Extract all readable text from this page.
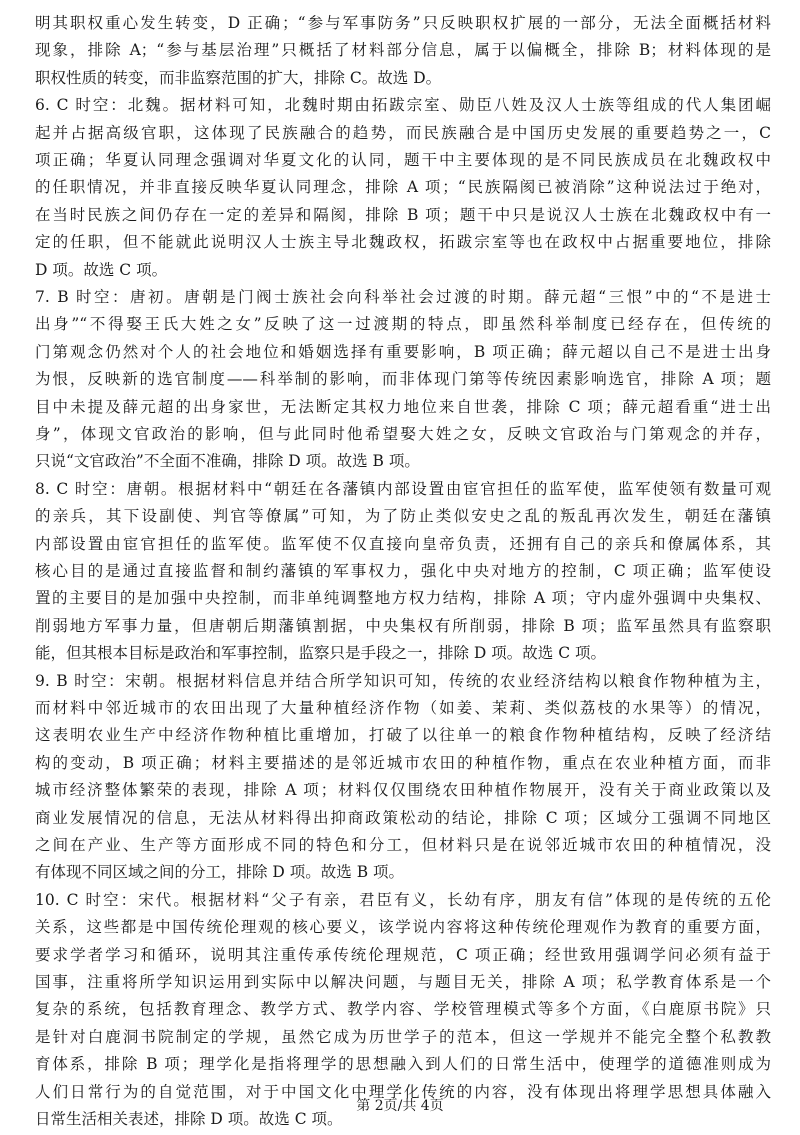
明其职权重心发生转变，D 正确；“参与军事防务”只反映职权扩展的一部分，无法全面概括材料
现象，排除 A；“参与基层治理”只概括了材料部分信息，属于以偏概全，排除 B；材料体现的是
职权性质的转变，而非监察范围的扩大，排除 C。故选 D。
6. C 时空：北魏。据材料可知，北魏时期由拓跋宗室、勋臣八姓及汉人士族等组成的代人集团崛
起并占据高级官职，这体现了民族融合的趋势，而民族融合是中国历史发展的重要趋势之一，C
项正确；华夏认同理念强调对华夏文化的认同，题干中主要体现的是不同民族成员在北魏政权中
的任职情况，并非直接反映华夏认同理念，排除 A 项；“民族隔阂已被消除”这种说法过于绝对，
在当时民族之间仍存在一定的差异和隔阂，排除 B 项；题干中只是说汉人士族在北魏政权中有一
定的任职，但不能就此说明汉人士族主导北魏政权，拓跋宗室等也在政权中占据重要地位，排除
D 项。故选 C 项。
7. B 时空：唐初。唐朝是门阀士族社会向科举社会过渡的时期。薛元超“三恨”中的“不是进士
出身”“不得娶王氏大姓之女”反映了这一过渡期的特点，即虽然科举制度已经存在，但传统的
门第观念仍然对个人的社会地位和婚姻选择有重要影响，B 项正确；薛元超以自己不是进士出身
为恨，反映新的选官制度——科举制的影响，而非体现门第等传统因素影响选官，排除 A 项；题
目中未提及薛元超的出身家世，无法断定其权力地位来自世袭，排除 C 项；薛元超看重“进士出
身”，体现文官政治的影响，但与此同时他希望娶大姓之女，反映文官政治与门第观念的并存，
只说“文官政治”不全面不准确，排除 D 项。故选 B 项。
8. C 时空：唐朝。根据材料中“朝廷在各藩镇内部设置由宦官担任的监军使，监军使领有数量可观
的亲兵，其下设副使、判官等僚属”可知，为了防止类似安史之乱的叛乱再次发生，朝廷在藩镇
内部设置由宦官担任的监军使。监军使不仅直接向皇帝负责，还拥有自己的亲兵和僚属体系，其
核心目的是通过直接监督和制约藩镇的军事权力，强化中央对地方的控制，C 项正确；监军使设
置的主要目的是加强中央控制，而非单纯调整地方权力结构，排除 A 项；守内虚外强调中央集权、
削弱地方军事力量，但唐朝后期藩镇割据，中央集权有所削弱，排除 B 项；监军虽然具有监察职
能，但其根本目标是政治和军事控制，监察只是手段之一，排除 D 项。故选 C 项。
9. B 时空：宋朝。根据材料信息并结合所学知识可知，传统的农业经济结构以粮食作物种植为主，
而材料中邻近城市的农田出现了大量种植经济作物（如姜、茉莉、类似荔枝的水果等）的情况，
这表明农业生产中经济作物种植比重增加，打破了以往单一的粮食作物种植结构，反映了经济结
构的变动，B 项正确；材料主要描述的是邻近城市农田的种植作物，重点在农业种植方面，而非
城市经济整体繁荣的表现，排除 A 项；材料仅仅围绕农田种植作物展开，没有关于商业政策以及
商业发展情况的信息，无法从材料得出抑商政策松动的结论，排除 C 项；区域分工强调不同地区
之间在产业、生产等方面形成不同的特色和分工，但材料只是在说邻近城市农田的种植情况，没
有体现不同区域之间的分工，排除 D 项。故选 B 项。
10. C 时空：宋代。根据材料“父子有亲，君臣有义，长幼有序，朋友有信”体现的是传统的五伦
关系，这些都是中国传统伦理观的核心要义，该学说内容将这种传统伦理观作为教育的重要方面，
要求学者学习和循环，说明其注重传承传统伦理规范，C 项正确；经世致用强调学问必须有益于
国事，注重将所学知识运用到实际中以解决问题，与题目无关，排除 A 项；私学教育体系是一个
复杂的系统，包括教育理念、教学方式、教学内容、学校管理模式等多个方面，《白鹿原书院》只
是针对白鹿洞书院制定的学规，虽然它成为历世学子的范本，但这一学规并不能完全整个私教教
育体系，排除 B 项；理学化是指将理学的思想融入到人们的日常生活中，使理学的道德准则成为
人们日常行为的自觉范围，对于中国文化中理学化传统的内容，没有体现出将理学思想具体融入
日常生活相关表述，排除 D 项。故选 C 项。
第 2页/共 4页
